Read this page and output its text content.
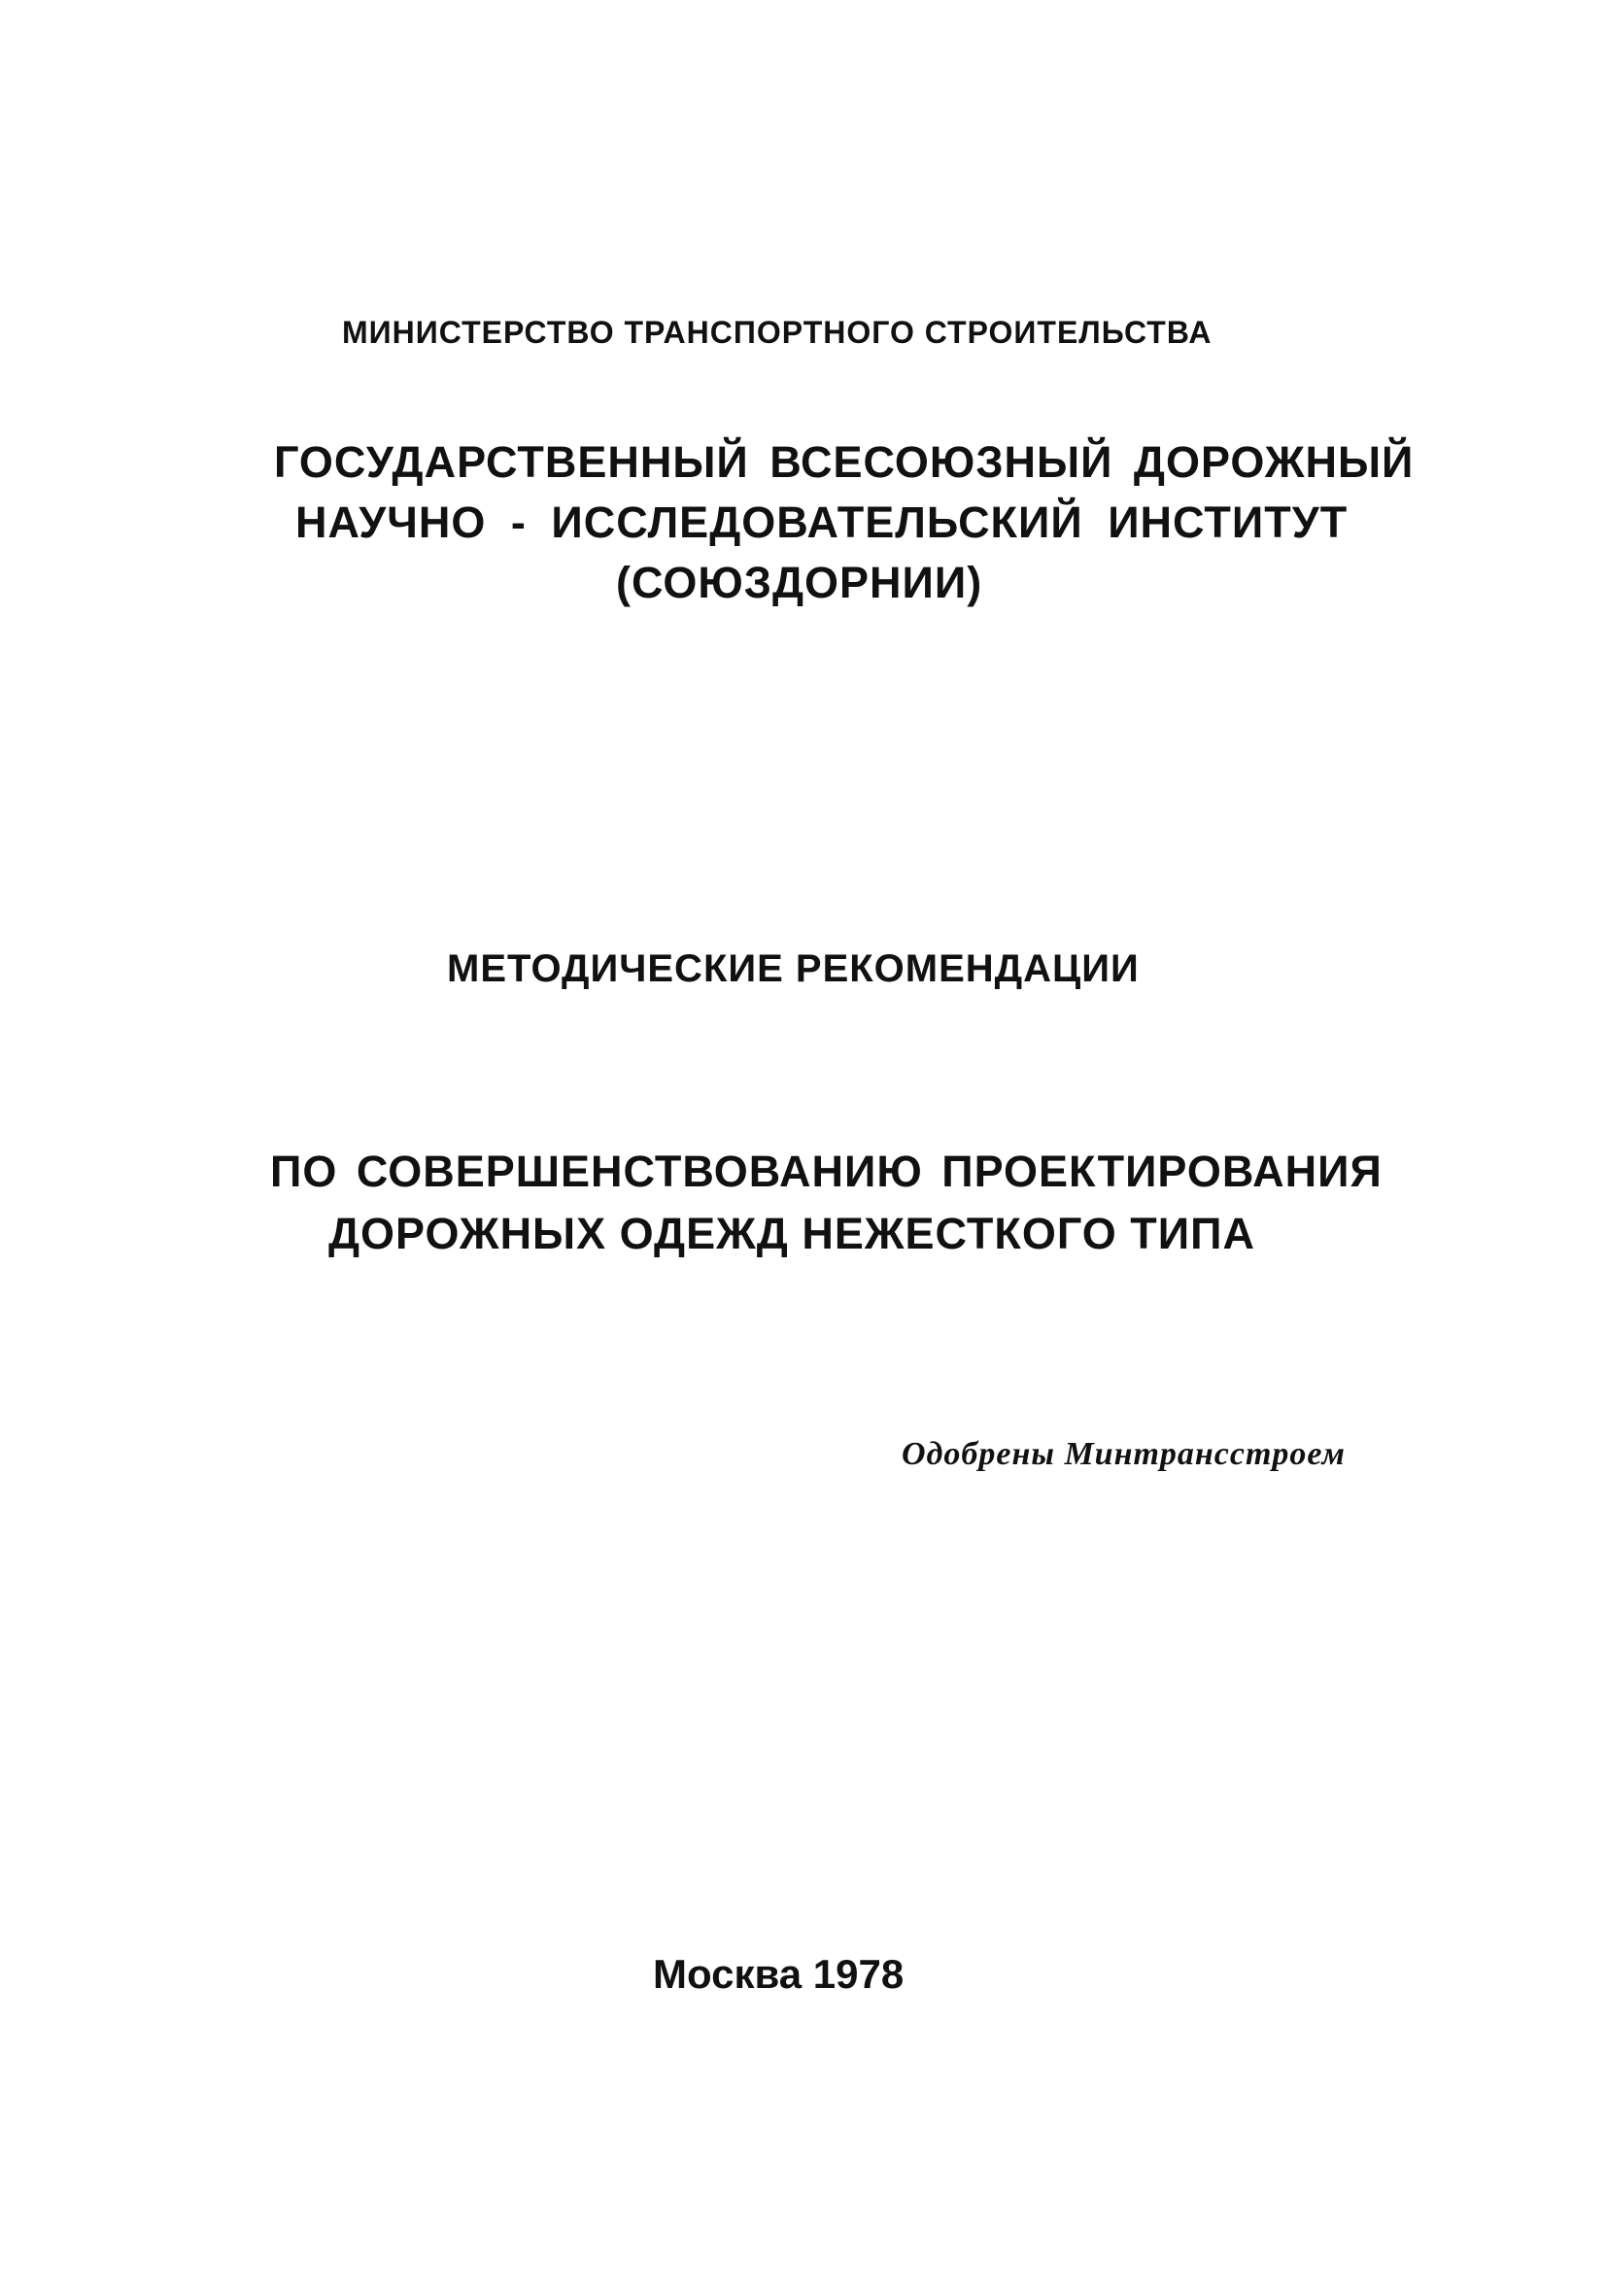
МИНИСТЕРСТВО ТРАНСПОРТНОГО СТРОИТЕЛЬСТВА
ГОСУДАРСТВЕННЫЙ ВСЕСОЮЗНЫЙ ДОРОЖНЫЙ
НАУЧНО - ИССЛЕДОВАТЕЛЬСКИЙ ИНСТИТУТ
(СОЮЗДОРНИИ)
МЕТОДИЧЕСКИЕ РЕКОМЕНДАЦИИ
ПО СОВЕРШЕНСТВОВАНИЮ ПРОЕКТИРОВАНИЯ
ДОРОЖНЫХ ОДЕЖД НЕЖЕСТКОГО ТИПА
Одобрены Минтрансстроем
Москва 1978
